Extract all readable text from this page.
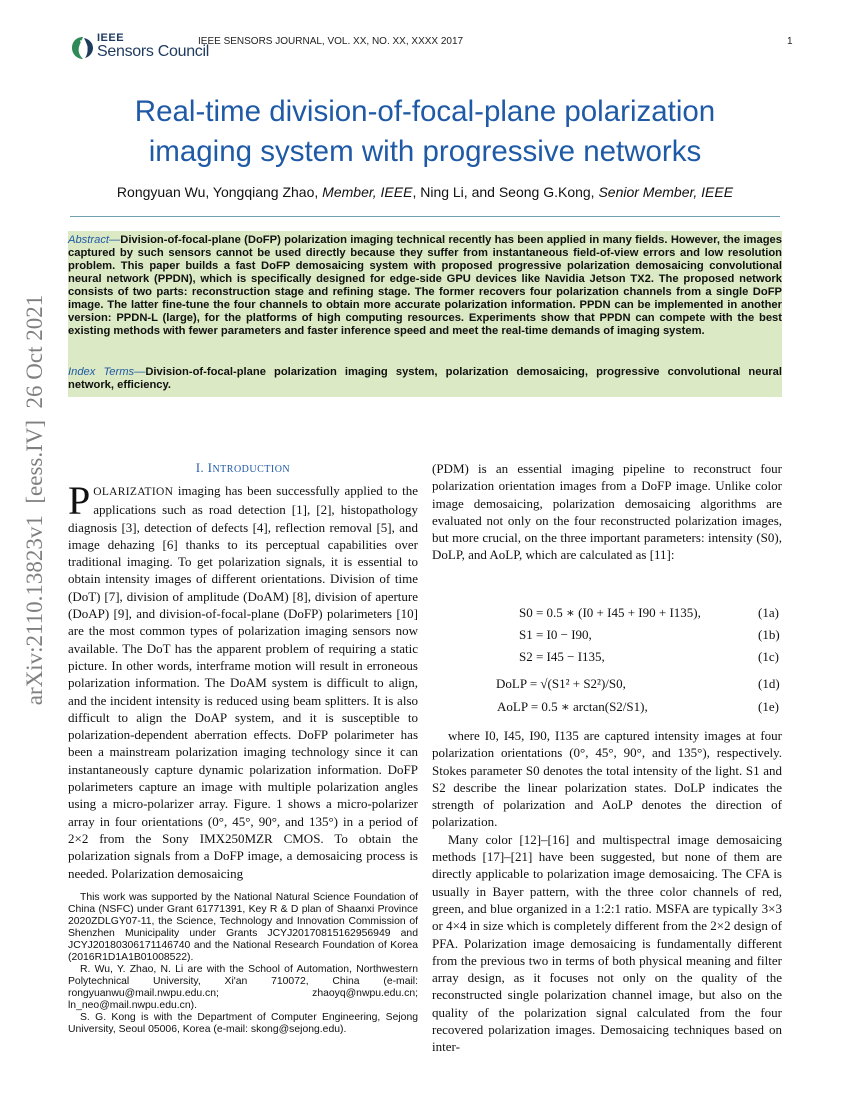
IEEE
Sensors Council
IEEE SENSORS JOURNAL, VOL. XX, NO. XX, XXXX 2017	1
Real-time division-of-focal-plane polarization
imaging system with progressive networks
Rongyuan Wu, Yongqiang Zhao, Member, IEEE, Ning Li, and Seong G.Kong, Senior Member, IEEE
Abstract—Division-of-focal-plane (DoFP) polarization imaging technical recently has been applied in many fields. However, the images captured by such sensors cannot be used directly because they suffer from instantaneous field-of-view errors and low resolution problem. This paper builds a fast DoFP demosaicing system with proposed progressive polarization demosaicing convolutional neural network (PPDN), which is specifically designed for edge-side GPU devices like Navidia Jetson TX2. The proposed network consists of two parts: reconstruction stage and refining stage. The former recovers four polarization channels from a single DoFP image. The latter fine-tune the four channels to obtain more accurate polarization information. PPDN can be implemented in another version: PPDN-L (large), for the platforms of high computing resources. Experiments show that PPDN can compete with the best existing methods with fewer parameters and faster inference speed and meet the real-time demands of imaging system.
Index Terms—Division-of-focal-plane polarization imaging system, polarization demosaicing, progressive convolutional neural network, efficiency.
arXiv:2110.13823v1  [eess.IV]  26 Oct 2021	I. INTRODUCTION

POLARIZATION imaging has been successfully applied to the applications such as road detection [1], [2], histopathology diagnosis [3], detection of defects [4], reflection removal [5], and image dehazing [6] thanks to its perceptual capabilities over traditional imaging. To get polarization signals, it is essential to obtain intensity images of different orientations. Division of time (DoT) [7], division of amplitude (DoAM) [8], division of aperture (DoAP) [9], and division-of-focal-plane (DoFP) polarimeters [10] are the most common types of polarization imaging sensors now available. The DoT has the apparent problem of requiring a static picture. In other words, interframe motion will result in erroneous polarization information. The DoAM system is difficult to align, and the incident intensity is reduced using beam splitters. It is also difficult to align the DoAP system, and it is susceptible to polarization-dependent aberration effects. DoFP polarimeter has been a mainstream polarization imaging technology since it can instantaneously capture dynamic polarization information. DoFP polarimeters capture an image with multiple polarization angles using a micro-polarizer array. Figure. 1 shows a micro-polarizer array in four orientations (0°, 45°, 90°, and 135°) in a period of 2×2 from the Sony IMX250MZR CMOS. To obtain the polarization signals from a DoFP image, a demosaicing process is needed. Polarization demosaicing

(PDM) is an essential imaging pipeline to reconstruct four polarization orientation images from a DoFP image. Unlike color image demosaicing, polarization demosaicing algorithms are evaluated not only on the four reconstructed polarization images, but more crucial, on the three important parameters: intensity (S0), DoLP, and AoLP, which are calculated as [11]:

S0 = 0.5 ∗ (I0 + I45 + I90 + I135),	(1a)
S1 = I0 − I90,	(1b)
S2 = I45 − I135,	(1c)
DoLP = √(S1² + S2²)/S0,	(1d)
AoLP = 0.5 ∗ arctan(S2/S1),	(1e)

where I0, I45, I90, I135 are captured intensity images at four polarization orientations (0°, 45°, 90°, and 135°), respectively. Stokes parameter S0 denotes the total intensity of the light. S1 and S2 describe the linear polarization states. DoLP indicates the strength of polarization and AoLP denotes the direction of polarization.

Many color [12]–[16] and multispectral image demosaicing methods [17]–[21] have been suggested, but none of them are directly applicable to polarization image demosaicing. The CFA is usually in Bayer pattern, with the three color channels of red, green, and blue organized in a 1:2:1 ratio. MSFA are typically 3×3 or 4×4 in size which is completely different from the 2×2 design of PFA. Polarization image demosaicing is fundamentally different from the previous two in terms of both physical meaning and filter array design, as it focuses not only on the quality of the reconstructed single polarization channel image, but also on the quality of the polarization signal calculated from the four recovered polarization images. Demosaicing techniques based on inter-

This work was supported by the National Natural Science Foundation of China (NSFC) under Grant 61771391, Key R & D plan of Shaanxi Province 2020ZDLGY07-11, the Science, Technology and Innovation Commission of Shenzhen Municipality under Grants JCYJ20170815162956949 and JCYJ20180306171146740 and the National Research Foundation of Korea (2016R1D1A1B01008522).

R. Wu, Y. Zhao, N. Li are with the School of Automation, Northwestern Polytechnical University, Xi'an 710072, China (e-mail: rongyuanwu@mail.nwpu.edu.cn; zhaoyq@nwpu.edu.cn; ln_neo@mail.nwpu.edu.cn).

S. G. Kong is with the Department of Computer Engineering, Sejong University, Seoul 05006, Korea (e-mail: skong@sejong.edu).
